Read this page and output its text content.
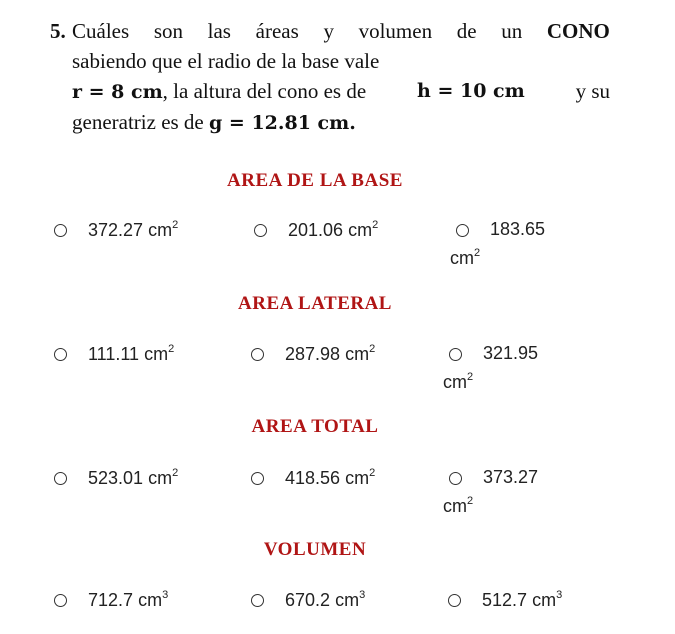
5. Cuáles son las áreas y volumen de un CONO
sabiendo que el radio de la base vale
r = 8 cm, la altura del cono es de	h = 10 cm y su
generatriz es de g = 12.81 cm.
AREA DE LA BASE
372.27 $cm^2$	201.06 $cm^2$	183.65
$cm^2$
AREA LATERAL
111.11 $cm^2$	287.98 $cm^2$	321.95
$cm^2$
AREA TOTAL
523.01 $cm^2$	418.56 $cm^2$	373.27
$cm^2$
VOLUMEN
712.7 $cm^3$	670.2 $cm^3$	512.7 $cm^3$
